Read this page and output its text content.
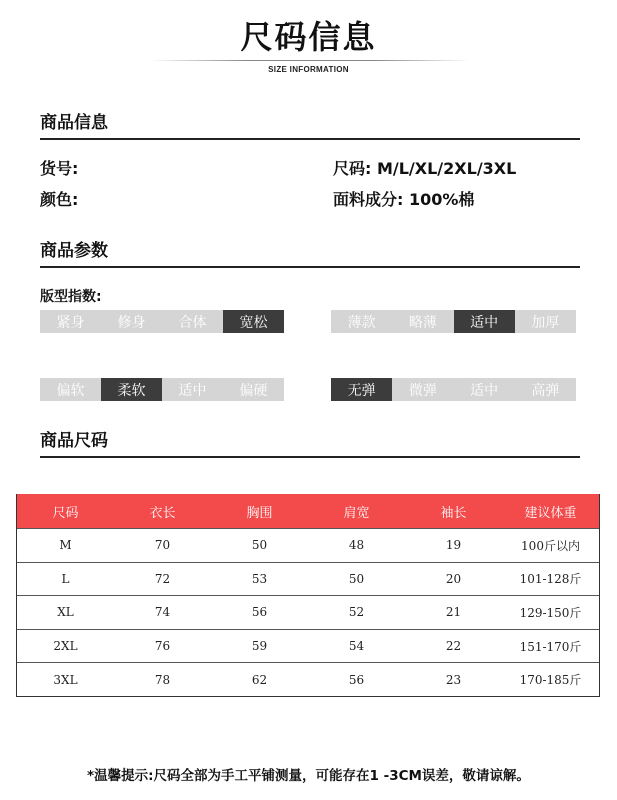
尺码信息
SIZE INFORMATION
商品信息
货号:	尺码: M/L/XL/2XL/3XL
颜色:	面料成分: 100%棉
商品参数
版型指数:
紧身	修身	合体	宽松	薄款	略薄	适中	加厚
偏软	柔软	适中	偏硬	无弹	微弹	适中	高弹
商品尺码
尺码	衣长	胸围	肩宽	袖长	建议体重
M	70	50	48	19	100斤以内
L	72	53	50	20	101-128斤
XL	74	56	52	21	129-150斤
2XL	76	59	54	22	151-170斤
3XL	78	62	56	23	170-185斤
*温馨提示:尺码全部为手工平铺测量，可能存在1 -3CM误差，敬请谅解。
